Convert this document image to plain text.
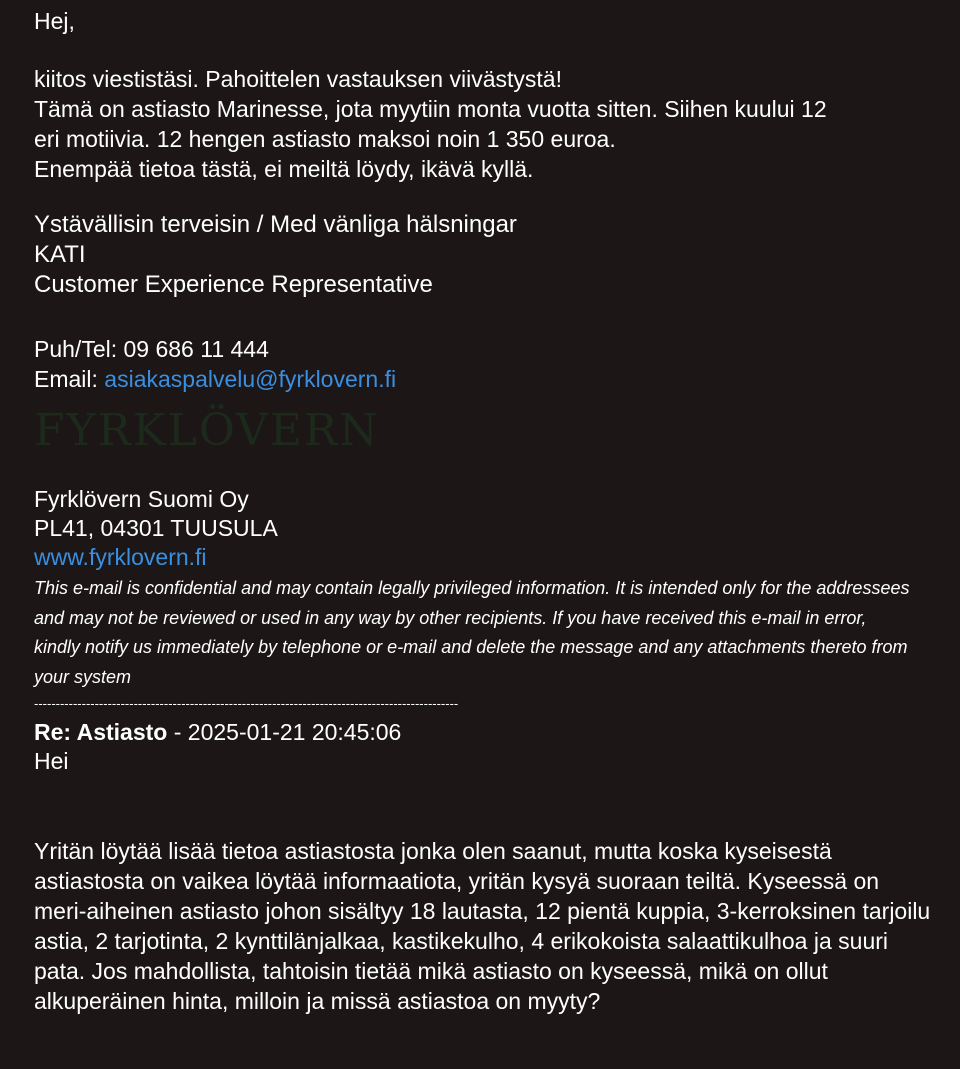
Hej,
kiitos viestistäsi. Pahoittelen vastauksen viivästystä!
Tämä on astiasto Marinesse, jota myytiin monta vuotta sitten. Siihen kuului 12
eri motiivia. 12 hengen astiasto maksoi noin 1 350 euroa.
Enempää tietoa tästä, ei meiltä löydy, ikävä kyllä.
Ystävällisin terveisin / Med vänliga hälsningar
KATI
Customer Experience Representative
Puh/Tel: 09 686 11 444
Email: asiakaspalvelu@fyrklovern.fi
FYRKLÖVERN
Fyrklövern Suomi Oy
PL41, 04301 TUUSULA
www.fyrklovern.fi
This e-mail is confidential and may contain legally privileged information. It is intended only for the addressees and may not be reviewed or used in any way by other recipients. If you have received this e-mail in error, kindly notify us immediately by telephone or e-mail and delete the message and any attachments thereto from your system
--------------------------------------------------------------------------------------------------
Re: Astiasto - 2025-01-21 20:45:06
Hei
Yritän löytää lisää tietoa astiastosta jonka olen saanut, mutta koska kyseisestä astiastosta on vaikea löytää informaatiota, yritän kysyä suoraan teiltä. Kyseessä on meri-aiheinen astiasto johon sisältyy 18 lautasta, 12 pientä kuppia, 3-kerroksinen tarjoilu astia, 2 tarjotinta, 2 kynttilänjalkaa, kastikekulho, 4 erikokoista salaattikulhoa ja suuri pata. Jos mahdollista, tahtoisin tietää mikä astiasto on kyseessä, mikä on ollut alkuperäinen hinta, milloin ja missä astiastoa on myyty?
